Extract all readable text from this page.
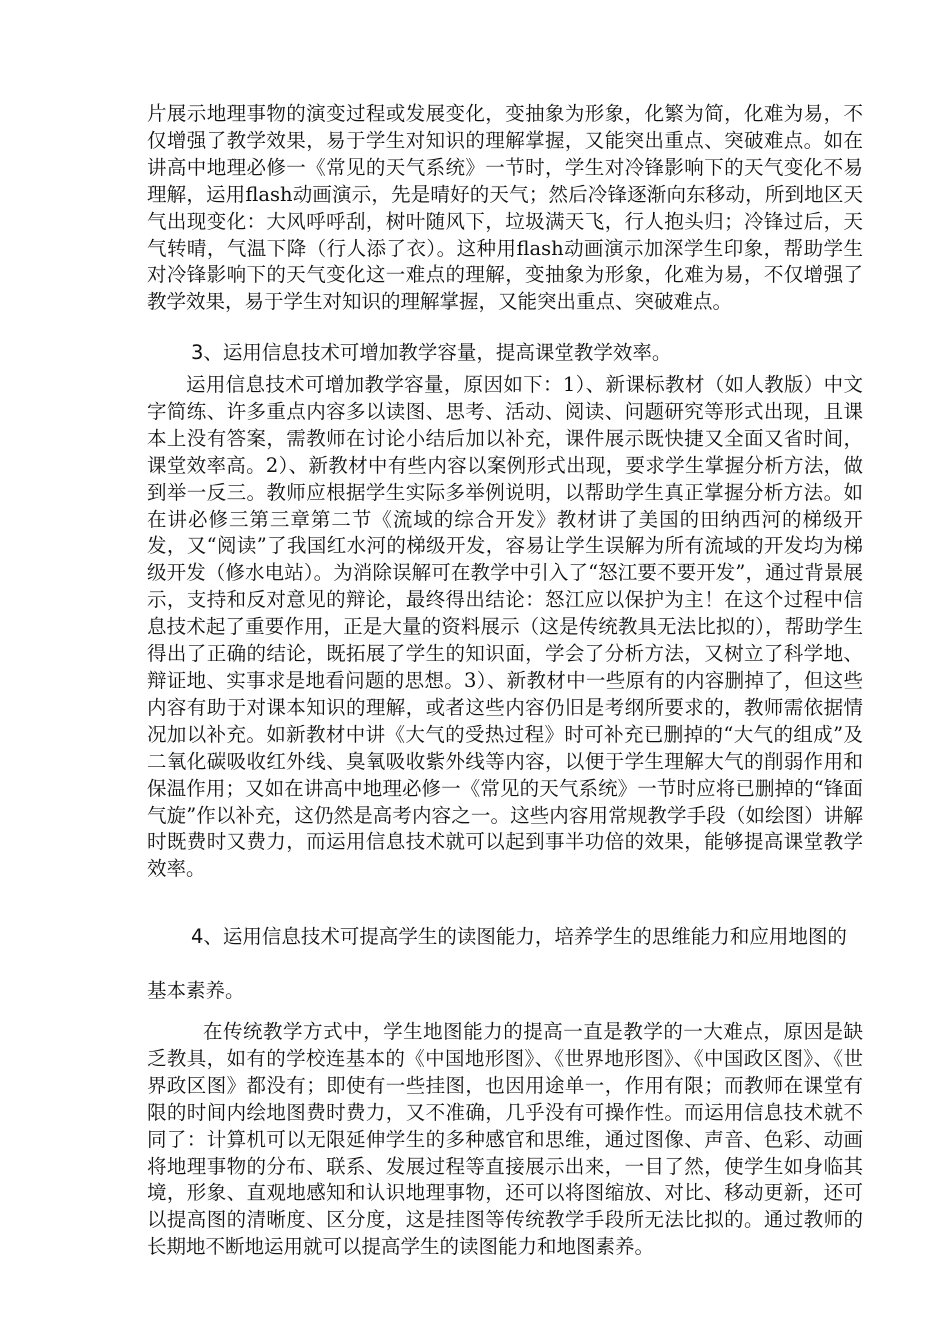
片展示地理事物的演变过程或发展变化，变抽象为形象，化繁为简，化难为易，不仅增强了教学效果，易于学生对知识的理解掌握，又能突出重点、突破难点。如在讲高中地理必修一《常见的天气系统》一节时，学生对冷锋影响下的天气变化不易理解，运用flash动画演示，先是晴好的天气；然后冷锋逐渐向东移动，所到地区天气出现变化：大风呼呼刮，树叶随风下，垃圾满天飞，行人抱头归；冷锋过后，天气转晴，气温下降（行人添了衣）。这种用flash动画演示加深学生印象，帮助学生对冷锋影响下的天气变化这一难点的理解，变抽象为形象，化难为易，不仅增强了教学效果，易于学生对知识的理解掌握，又能突出重点、突破难点。

3、运用信息技术可增加教学容量，提高课堂教学效率。

运用信息技术可增加教学容量，原因如下：1）、新课标教材（如人教版）中文字简练、许多重点内容多以读图、思考、活动、阅读、问题研究等形式出现，且课本上没有答案，需教师在讨论小结后加以补充，课件展示既快捷又全面又省时间，课堂效率高。2）、新教材中有些内容以案例形式出现，要求学生掌握分析方法，做到举一反三。教师应根据学生实际多举例说明，以帮助学生真正掌握分析方法。如在讲必修三第三章第二节《流域的综合开发》教材讲了美国的田纳西河的梯级开发，又“阅读”了我国红水河的梯级开发，容易让学生误解为所有流域的开发均为梯级开发（修水电站）。为消除误解可在教学中引入了“怒江要不要开发”，通过背景展示，支持和反对意见的辩论，最终得出结论：怒江应以保护为主！在这个过程中信息技术起了重要作用，正是大量的资料展示（这是传统教具无法比拟的），帮助学生得出了正确的结论，既拓展了学生的知识面，学会了分析方法，又树立了科学地、辩证地、实事求是地看问题的思想。3）、新教材中一些原有的内容删掉了，但这些内容有助于对课本知识的理解，或者这些内容仍旧是考纲所要求的，教师需依据情况加以补充。如新教材中讲《大气的受热过程》时可补充已删掉的“大气的组成”及二氧化碳吸收红外线、臭氧吸收紫外线等内容，以便于学生理解大气的削弱作用和保温作用；又如在讲高中地理必修一《常见的天气系统》一节时应将已删掉的“锋面气旋”作以补充，这仍然是高考内容之一。这些内容用常规教学手段（如绘图）讲解时既费时又费力，而运用信息技术就可以起到事半功倍的效果，能够提高课堂教学效率。

4、运用信息技术可提高学生的读图能力，培养学生的思维能力和应用地图的基本素养。

在传统教学方式中，学生地图能力的提高一直是教学的一大难点，原因是缺乏教具，如有的学校连基本的《中国地形图》、《世界地形图》、《中国政区图》、《世界政区图》都没有；即使有一些挂图，也因用途单一，作用有限；而教师在课堂有限的时间内绘地图费时费力，又不准确，几乎没有可操作性。而运用信息技术就不同了：计算机可以无限延伸学生的多种感官和思维，通过图像、声音、色彩、动画将地理事物的分布、联系、发展过程等直接展示出来，一目了然，使学生如身临其境，形象、直观地感知和认识地理事物，还可以将图缩放、对比、移动更新，还可以提高图的清晰度、区分度，这是挂图等传统教学手段所无法比拟的。通过教师的长期地不断地运用就可以提高学生的读图能力和地图素养。
